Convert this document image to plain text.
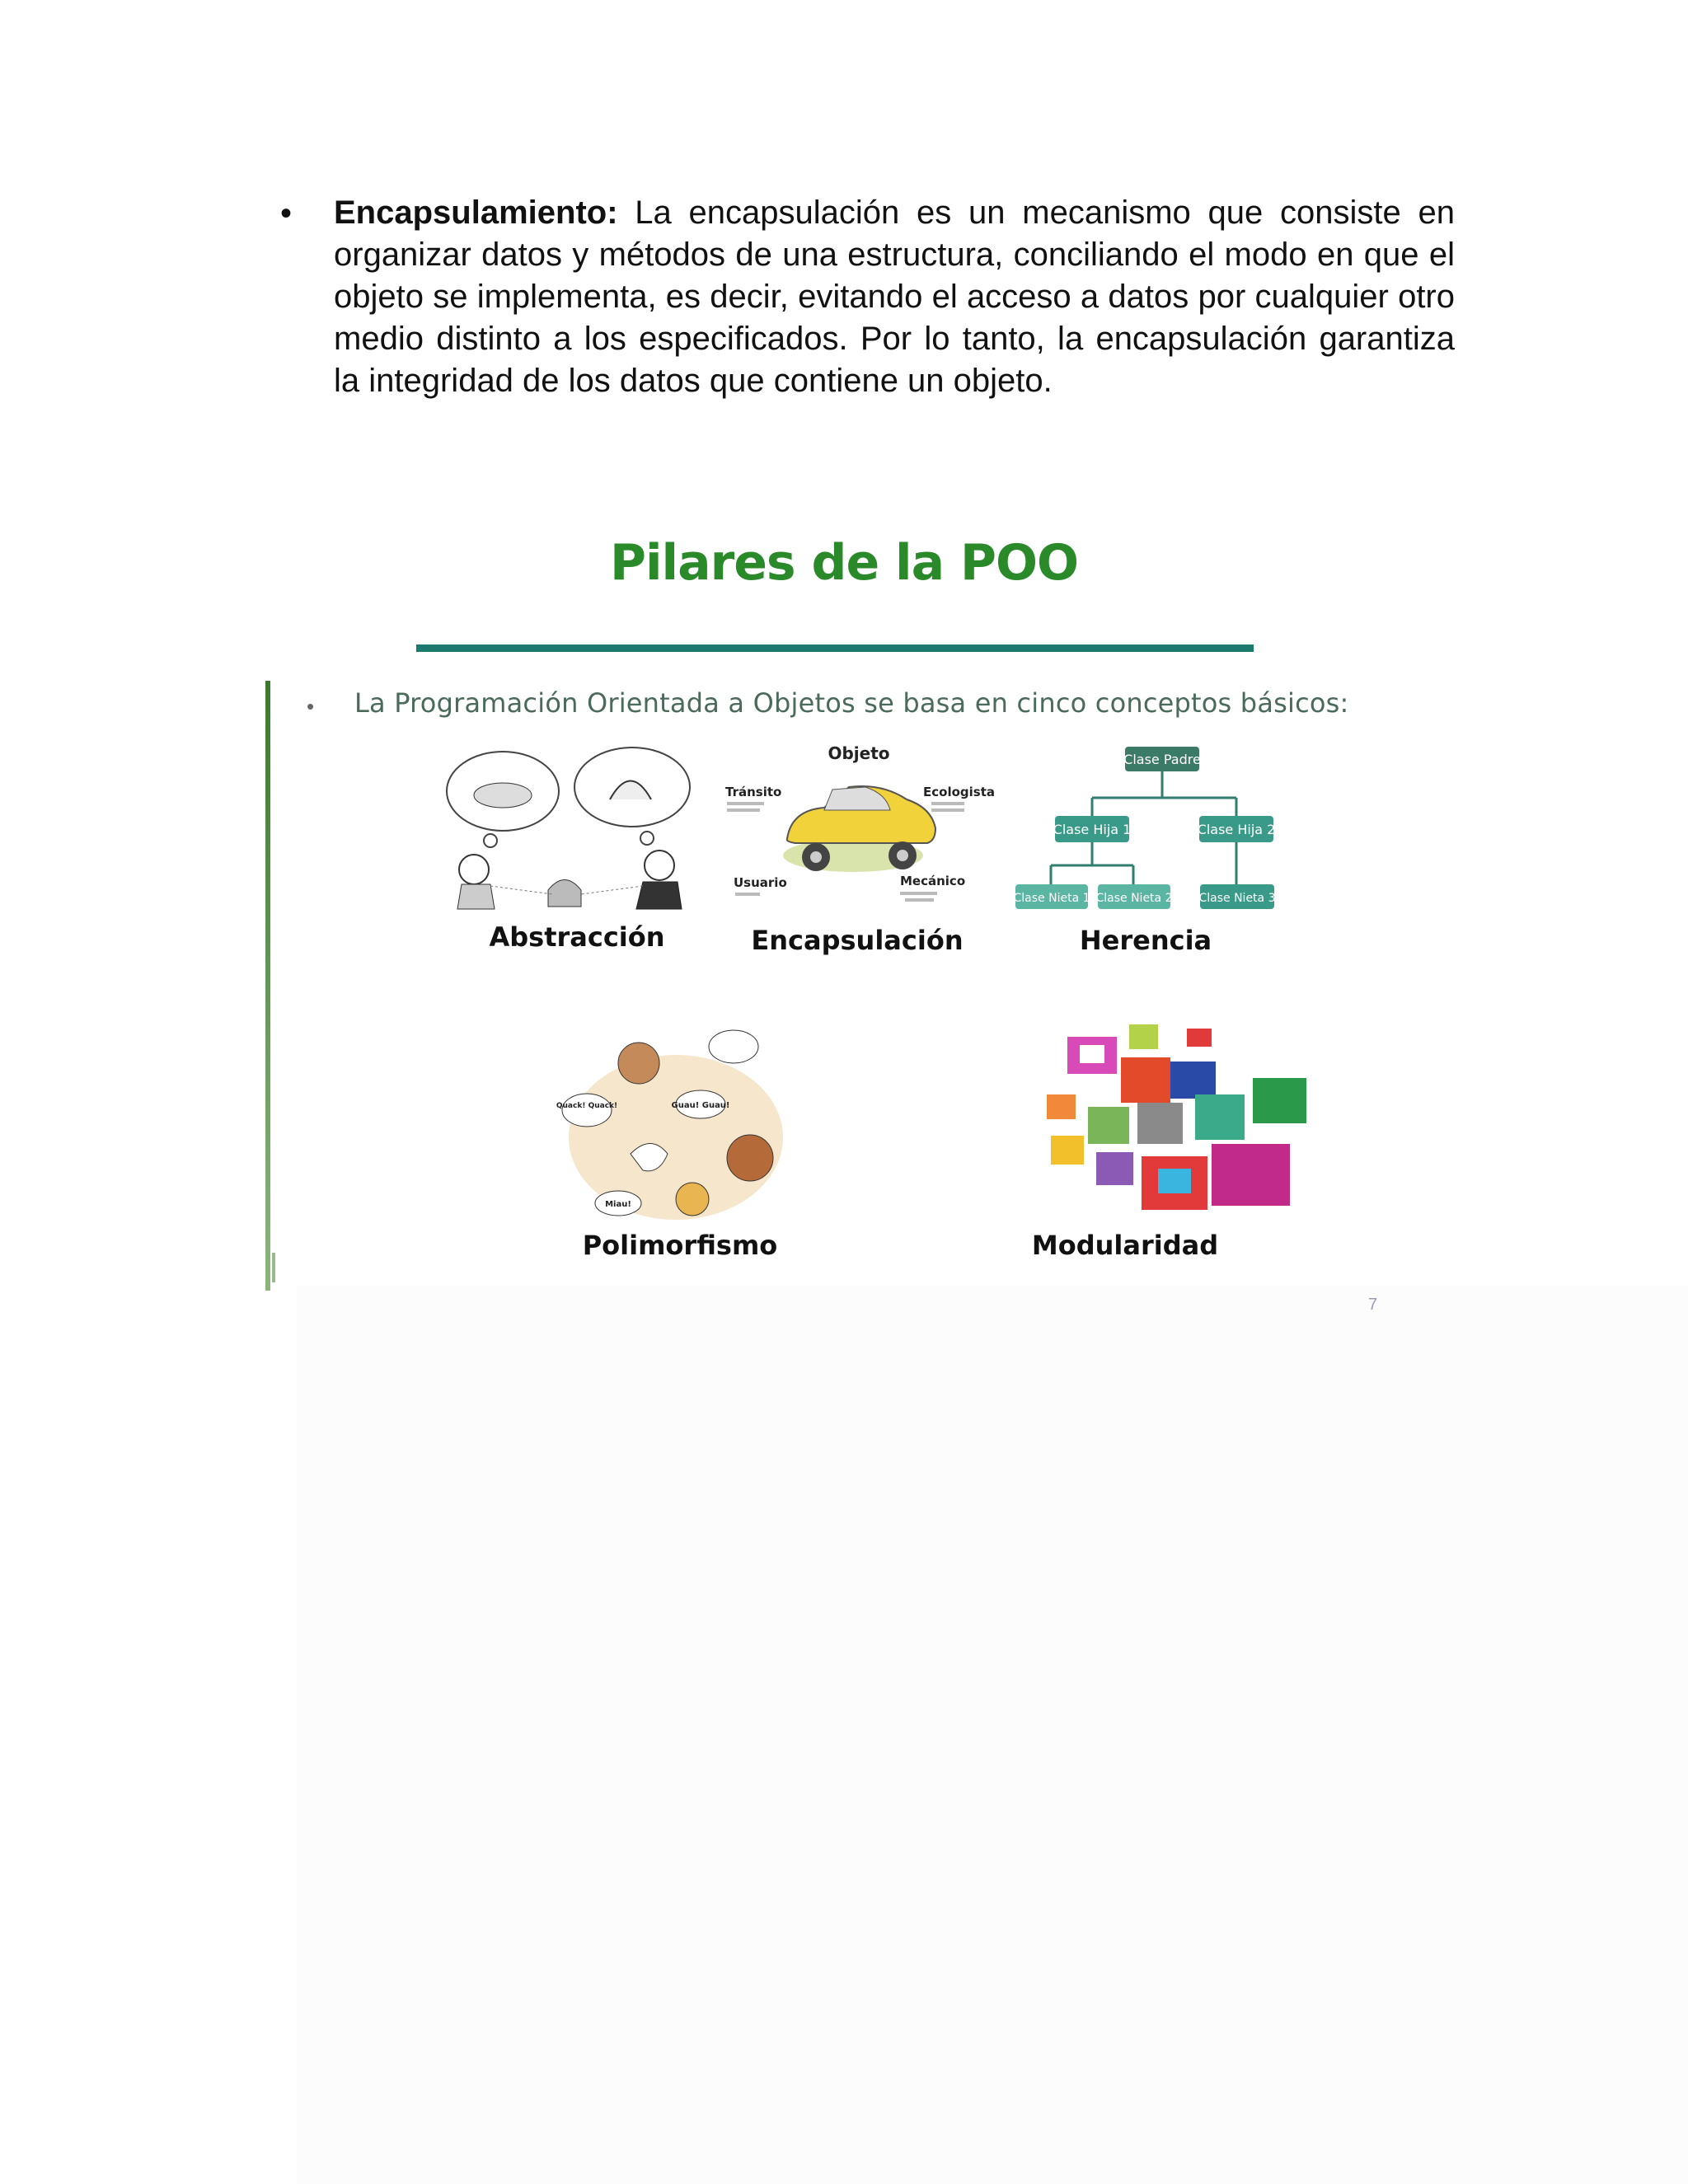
• Encapsulamiento: La encapsulación es un mecanismo que consiste en organizar datos y métodos de una estructura, conciliando el modo en que el objeto se implementa, es decir, evitando el acceso a datos por cualquier otro medio distinto a los especificados. Por lo tanto, la encapsulación garantiza la integridad de los datos que contiene un objeto.
Pilares de la POO
• La Programación Orientada a Objetos se basa en cinco conceptos básicos:
Abstracción
Objeto
Tránsito	Ecologista
Usuario	Mecánico
Encapsulación
Clase Padre
Clase Hija 1	Clase Hija 2
Clase Nieta 1 Clase Nieta 2 Clase Nieta 3
Herencia
Quack! Quack!	Guau! Guau!
Miau!
Polimorfismo	Modularidad
7
